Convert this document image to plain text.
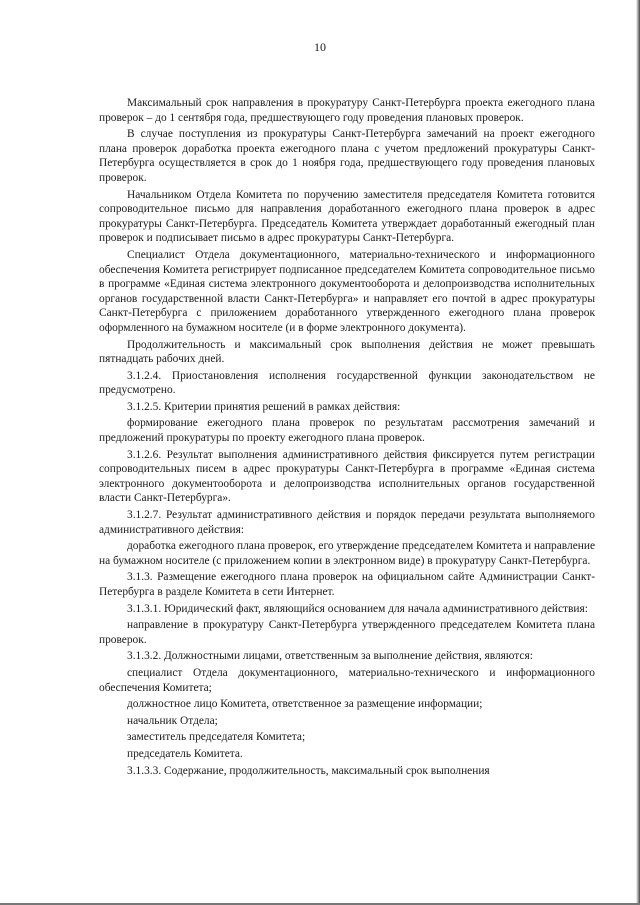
10

Максимальный срок направления в прокуратуру Санкт-Петербурга проекта ежегодного плана проверок – до 1 сентября года, предшествующего году проведения плановых проверок.

В случае поступления из прокуратуры Санкт-Петербурга замечаний на проект ежегодного плана проверок доработка проекта ежегодного плана с учетом предложений прокуратуры Санкт-Петербурга осуществляется в срок до 1 ноября года, предшествующего году проведения плановых проверок.

Начальником Отдела Комитета по поручению заместителя председателя Комитета готовится сопроводительное письмо для направления доработанного ежегодного плана проверок в адрес прокуратуры Санкт-Петербурга. Председатель Комитета утверждает доработанный ежегодный план проверок и подписывает письмо в адрес прокуратуры Санкт-Петербурга.

Специалист Отдела документационного, материально-технического и информационного обеспечения Комитета регистрирует подписанное председателем Комитета сопроводительное письмо в программе «Единая система электронного документооборота и делопроизводства исполнительных органов государственной власти Санкт-Петербурга» и направляет его почтой в адрес прокуратуры Санкт-Петербурга с приложением доработанного утвержденного ежегодного плана проверок оформленного на бумажном носителе (и в форме электронного документа).

Продолжительность и максимальный срок выполнения действия не может превышать пятнадцать рабочих дней.

3.1.2.4. Приостановления исполнения государственной функции законодательством не предусмотрено.

3.1.2.5. Критерии принятия решений в рамках действия:

формирование ежегодного плана проверок по результатам рассмотрения замечаний и предложений прокуратуры по проекту ежегодного плана проверок.

3.1.2.6. Результат выполнения административного действия фиксируется путем регистрации сопроводительных писем в адрес прокуратуры Санкт-Петербурга в программе «Единая система электронного документооборота и делопроизводства исполнительных органов государственной власти Санкт-Петербурга».

3.1.2.7. Результат административного действия и порядок передачи результата выполняемого административного действия:

доработка ежегодного плана проверок, его утверждение председателем Комитета и направление на бумажном носителе (с приложением копии в электронном виде) в прокуратуру Санкт-Петербурга.

3.1.3. Размещение ежегодного плана проверок на официальном сайте Администрации Санкт-Петербурга в разделе Комитета в сети Интернет.

3.1.3.1. Юридический факт, являющийся основанием для начала административного действия:

направление в прокуратуру Санкт-Петербурга утвержденного председателем Комитета плана проверок.

3.1.3.2. Должностными лицами, ответственным за выполнение действия, являются:

специалист Отдела документационного, материально-технического и информационного обеспечения Комитета;

должностное лицо Комитета, ответственное за размещение информации;

начальник Отдела;

заместитель председателя Комитета;

председатель Комитета.

3.1.3.3. Содержание, продолжительность, максимальный срок выполнения
